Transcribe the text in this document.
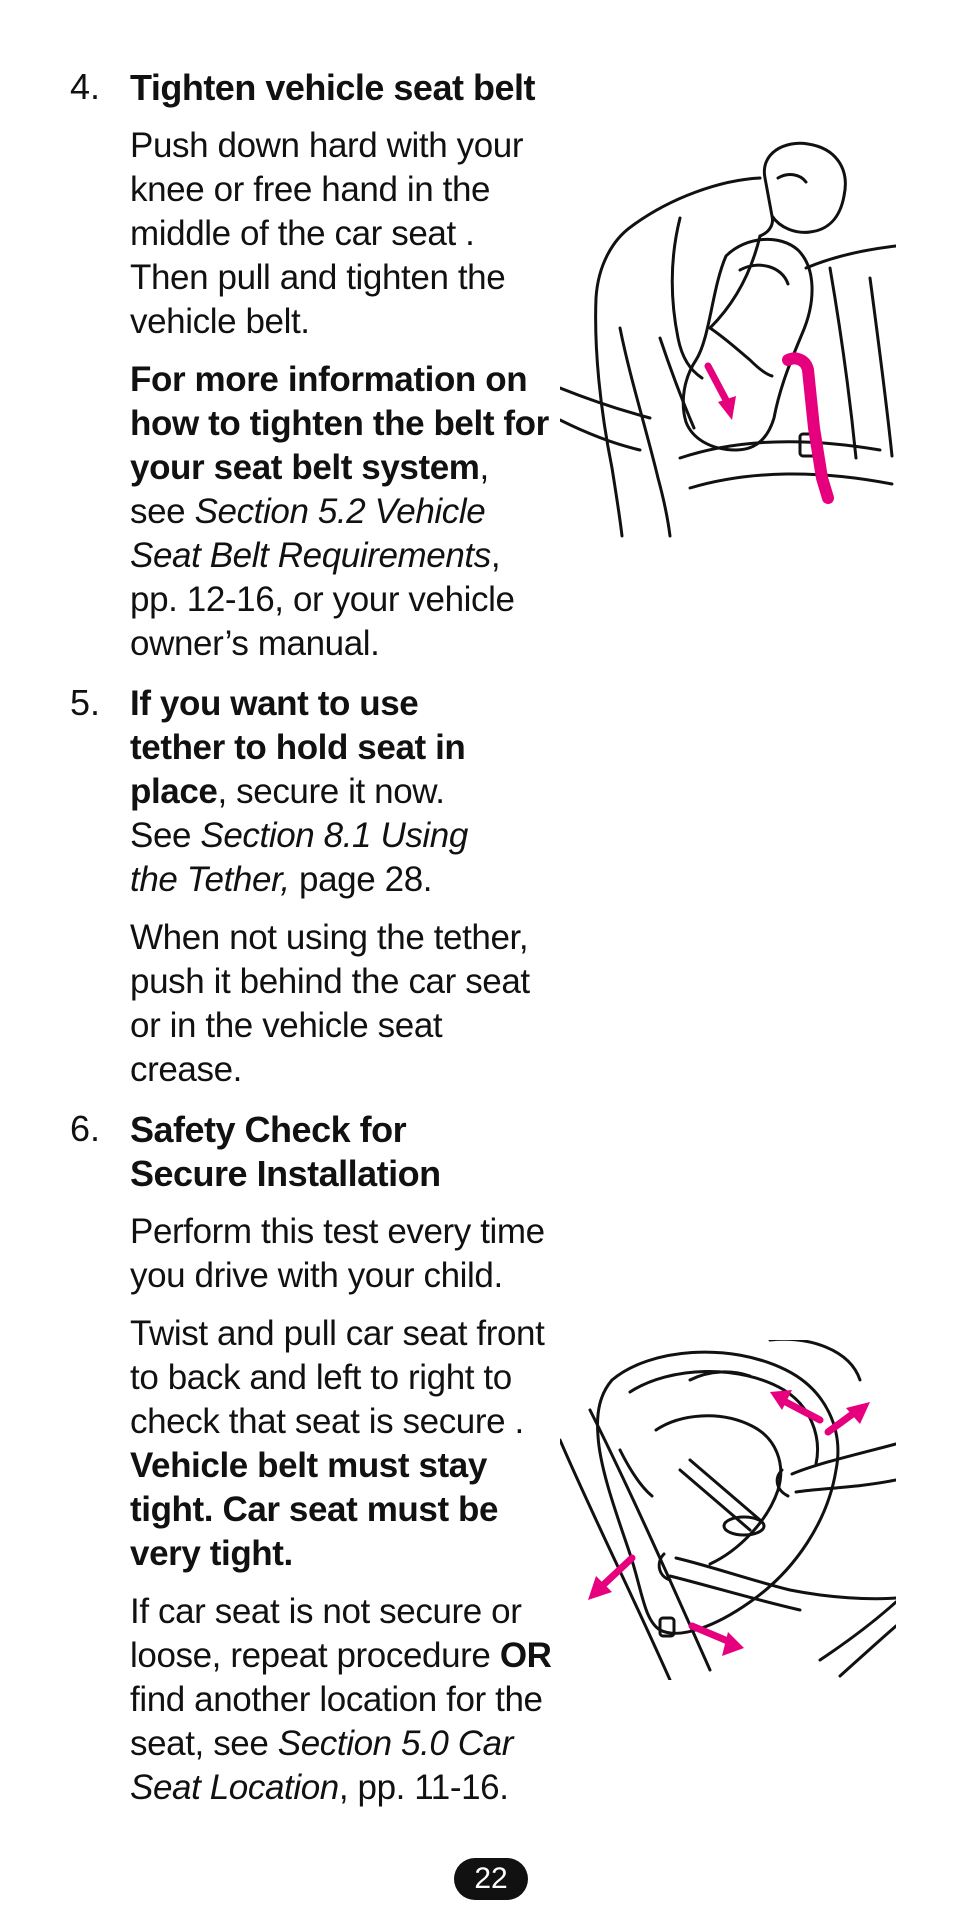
4. Tighten vehicle seat belt
Push down hard with your knee or free hand in the middle of the car seat . Then pull and tighten the vehicle belt.
For more information on how to tighten the belt for your seat belt system, see Section 5.2 Vehicle Seat Belt Requirements, pp. 12-16, or your vehicle owner’s manual.
5. If you want to use tether to hold seat in place, secure it now. See Section 8.1 Using the Tether, page 28.
When not using the tether, push it behind the car seat or in the vehicle seat crease.
6. Safety Check for Secure Installation
Perform this test every time you drive with your child.
Twist and pull car seat front to back and left to right to check that seat is secure . Vehicle belt must stay tight. Car seat must be very tight.
If car seat is not secure or loose, repeat procedure OR find another location for the seat, see Section 5.0 Car Seat Location, pp. 11-16.
22
